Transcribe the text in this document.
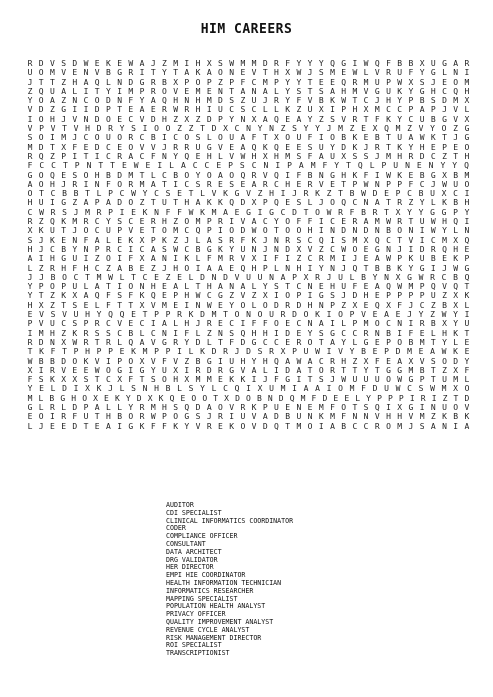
HIM CAREERS
R D V S D W E K E W A J Z M I H X S W M M D R F Y Y Y Q G I W Q F B B X U G A R
U O M V E N V B G R I T Y T A K A O N E V T H X W J S M E W L V R U F Y G L N I
J T T Z H A Q L N D G R B X P O P Z P F C M P Y Y T E E Q R M U P W X S J E O M
Z Q U A L I T Y I M P R O V E M E N T A N A L Y S T S A H M V G U K Y G H C Q H
Y O A Z N C O D N F Y A Q H N H M D S Z U J R Y F V B K W T C J H Y P B S D M X
V D Z G I I D P T E A E R W R H I U C S C L L K Z U X I P H X M C C P A P J V L
I O H J V N D O E C V D H Z X Z D P Y N X A Q E A Y Z S V R T F K Y C U B G V X
V P V T V H D R Y S I O O Z Z T D X C N Y N Z S Y Y J M Z E X Q M Z V Y O Z G
S O I M J C O U O R C B I C O S L O U A F T X O U F I O B K E B T U A W K T J G
M D T X F E D C E O V V J R R U G V E A Q K Q E E S U Y D K J R T K Y H E P E O
R Q Z P I T I C R A C F N Y Q E H L V W H X H M S F A U X S S J M H R D C Z T H
F C C T P N T T E W E I L A C C E P S C N I P A M F Y T Q L P U N E N Y Y Q
G O Q E S O H B D M T L C B O Y O A O Q R V Q I F B N G H K F I W K E B G X B M
A O H J R I N F O R M A T I C S R E S E A R C H E R V E T P W N P P F C J W U O
O T C B B T L P C W Y C S E T L V K G V Z H I J R K Z T B W D E P C B U X C I
H U I G Z A P A D O Z T U T H A K K Q D X P Q E S L J O Q C N A T R Z Y L K B H
C W R S J M R P I E K N F F W K M A E G I G C D T O W R F B R T X Y Y G G P Y
R Z Q K M R C Y S C E R H Z O M P R I V A C Y O F F I C E R A M W R T U W H Q I
X K U T J O C U P V E T O M C Q P I O D W O T O O H I N D N D N B O N I W Y L N
S J K E N F A L E K X P K Z J L A S R F K J N R S C Q I S M X Q C T V I C M X Q
H J C B Y N P R C I C A S W C B G K Y U N J N D X V Z C W O E G N J I D R Q H E
A I H G U I Z O I F X A N I K L F M R V X I F I Z C R M I J E A W P K U B E K P
L Z R H F H C Z A B E Z J H O I A A E Q H P L N H I Y N J Q T B B K Y G I J W G
J J B O C T M W L T C E Z E L D N D V U U N A P X R J U L B Y N X G W R C B Q
Y P O P U L A T I O N H E A L T H A N A L Y S T C N E H U F E A Q W M P Q V Q T
Y T Z K X A Q F S F K Q E P H W C G Z V Z X I O P I G S J D H E P P P P U Z X K
H X Z T S E L F T T X V M E I N W E Y O L O D R D H N P Z X E Q X F J C Z B X L
E V S V U H Y Q Q E T P P R K D M T O N O U R D O K I O P V E A E J Y Z W Y I
P V U C S P R C V E C I A L H J R E C I F F O E C N A I L P M O C N I R B X Y U
I M H Z K R S S C B L C N I F L Z N S Q H H I D E Y S G C C R N B I F E L H K T
R D N X W R T R L Q A V G R Y D L T F D G C C E R O T A Y L G E P O B M T Y L E
T K F T P H P P E K M P P I L K D R J D S R X P U W I V Y B E P D M E A W K E
W B B D O K V I P O X V F V Z B G I U H Y H Q A W A C R H Z X F E A X V S O D Y
X I R V E E W O G I G Y U X I R D R G V A L I D A T O R T T Y T G G M B T Z X F
F S K X X S T C X F T S O H X M M E K K I J F G I T S J W U U U O W G P T U M L
Y E L D I X K J L S N H B L S Y L C Q I X U M I A A I O M F D U W C S W M X O
M L B G H O X E K Y D X K Q E O O T X D O B N D Q M F D E E L Y P P P I R I Z T D
G L R L D P A L L Y R M H S Q D A O V R K P U E N E M F O T S Q I X G I N U O V
E O I R F U T H B O R W P O G S J R I U V A D B U N K M F N N V H H V M Z K B K
L J E E D T E A I G K F F K Y V R E K O V D Q T M O I A B C C R O M J S A N I A
AUDITOR
CDI SPECIALIST
CLINICAL INFORMATICS COORDINATOR
CODER
COMPLIANCE OFFICER
CONSULTANT
DATA ARCHITECT
DRG VALIDATOR
HER DIRECTOR
EMPI HIE COORDINATOR
HEALTH INFORMATION TECHNICIAN
INFORMATICS RESEARCHER
MAPPING SPECIALIST
POPULATION HEALTH ANALYST
PRIVACY OFFICER
QUALITY IMPROVEMENT ANALYST
REVENUE CYCLE ANALYST
RISK MANAGEMENT DIRECTOR
ROI SPECIALIST
TRANSCRIPTIONIST
